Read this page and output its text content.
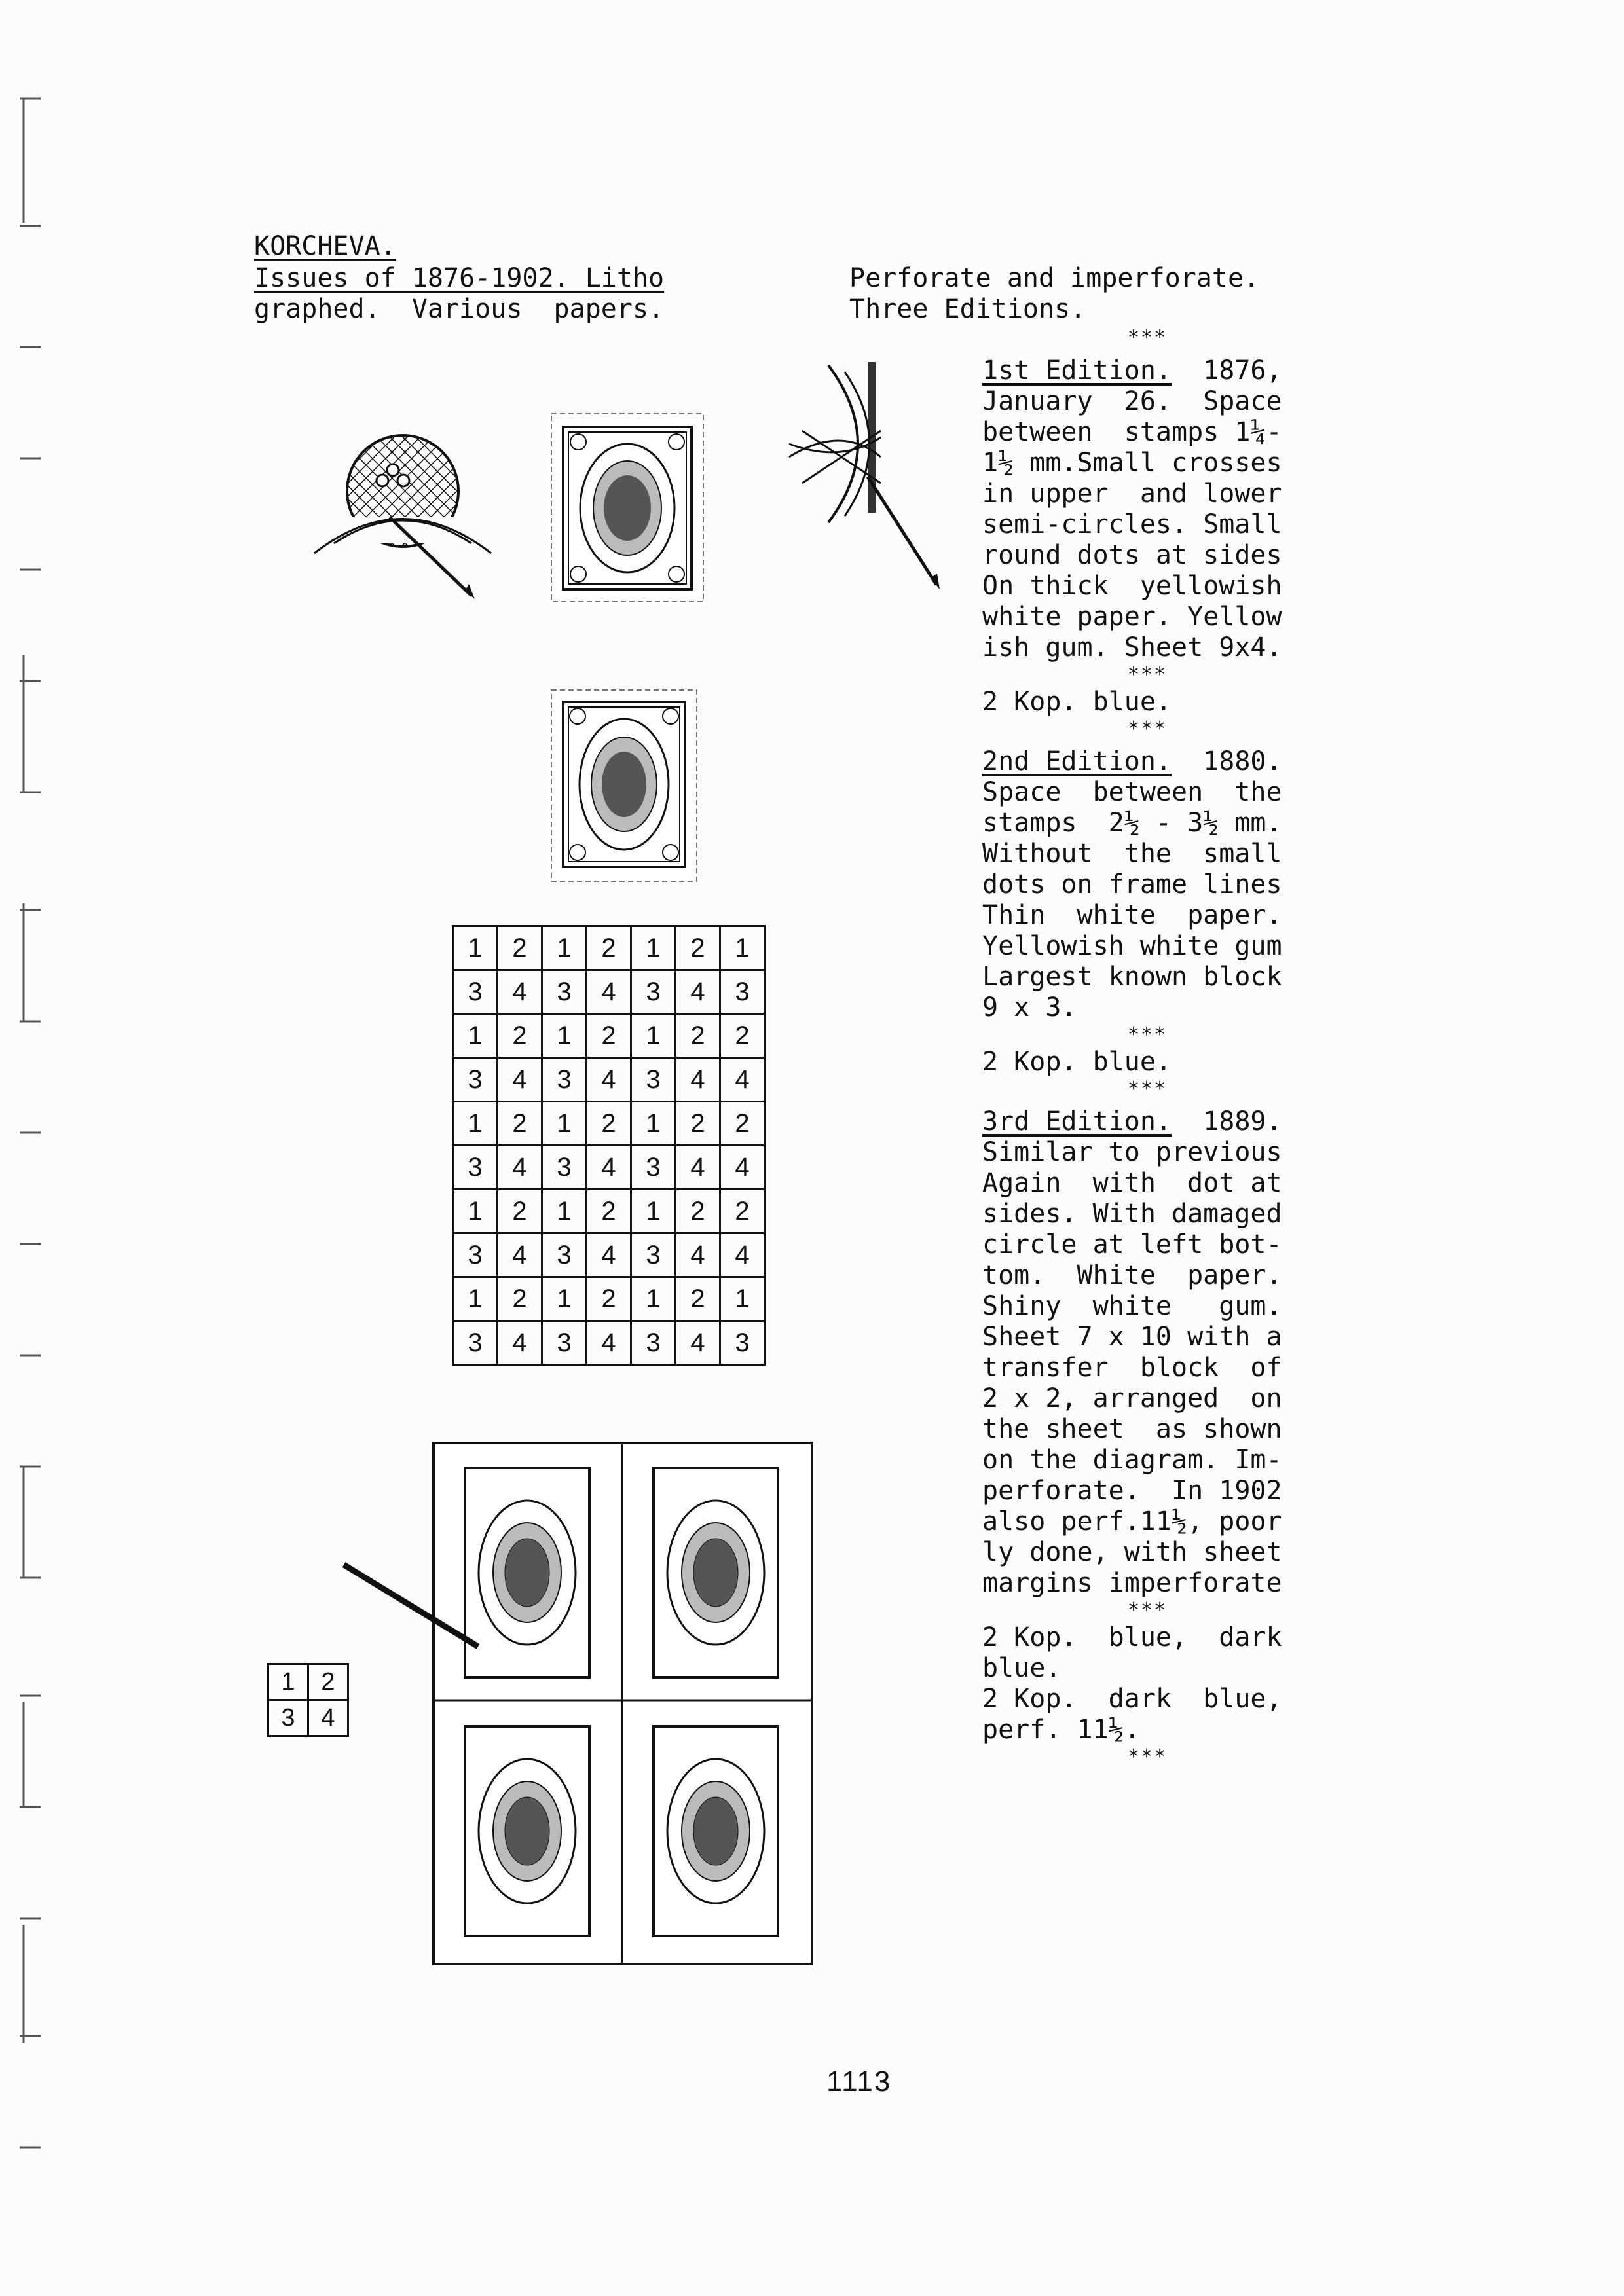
KORCHEVA.
Issues of 1876-1902. Litho
graphed.  Various  papers.
Perforate and imperforate.
Three Editions.
***
1	2	1	2	1	2	1
3	4	3	4	3	4	3
1	2	1	2	1	2	2
3	4	3	4	3	4	4
1	2	1	2	1	2	2
3	4	3	4	3	4	4
1	2	1	2	1	2	2
3	4	3	4	3	4	4
1	2	1	2	1	2	1
3	4	3	4	3	4	3
1	2
3	4
1st Edition. 1876,
January  26.  Space
between  stamps 1¼-
1½ mm.Small crosses
in upper  and lower
semi-circles. Small
round dots at sides
On thick  yellowish
white paper. Yellow
ish gum. Sheet 9x4.
***
2 Kop. blue.
***
2nd Edition. 1880.
Space  between  the
stamps  2½ - 3½ mm.
Without  the  small
dots on frame lines
Thin  white  paper.
Yellowish white gum
Largest known block
9 x 3.
***
2 Kop. blue.
***
3rd Edition. 1889.
Similar to previous
Again  with  dot at
sides. With damaged
circle at left bot-
tom.  White  paper.
Shiny  white   gum.
Sheet 7 x 10 with a
transfer  block  of
2 x 2, arranged  on
the sheet  as shown
on the diagram. Im-
perforate.  In 1902
also perf.11½, poor
ly done, with sheet
margins imperforate
***
2 Kop.  blue,  dark
blue.
2 Kop.  dark  blue,
perf. 11½.
***
1113
